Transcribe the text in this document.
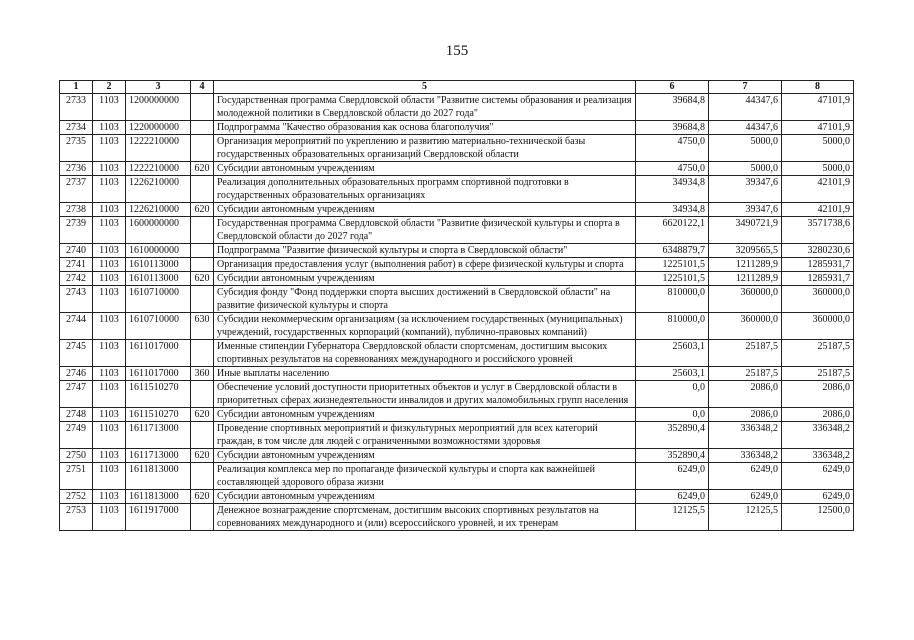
155
1	2	3	4	5	6	7	8
2733	1103	1200000000		Государственная программа Свердловской области "Развитие системы образования и реализация молодежной политики в Свердловской области до 2027 года"	39684,8	44347,6	47101,9
2734	1103	1220000000		Подпрограмма "Качество образования как основа благополучия"	39684,8	44347,6	47101,9
2735	1103	1222210000		Организация мероприятий по укреплению и развитию материально-технической базы государственных образовательных организаций Свердловской области	4750,0	5000,0	5000,0
2736	1103	1222210000	620	Субсидии автономным учреждениям	4750,0	5000,0	5000,0
2737	1103	1226210000		Реализация дополнительных образовательных программ спортивной подготовки в государственных образовательных организациях	34934,8	39347,6	42101,9
2738	1103	1226210000	620	Субсидии автономным учреждениям	34934,8	39347,6	42101,9
2739	1103	1600000000		Государственная программа Свердловской области "Развитие физической культуры и спорта в Свердловской области до 2027 года"	6620122,1	3490721,9	3571738,6
2740	1103	1610000000		Подпрограмма "Развитие физической культуры и спорта в Свердловской области"	6348879,7	3209565,5	3280230,6
2741	1103	1610113000		Организация предоставления услуг (выполнения работ) в сфере физической культуры и спорта	1225101,5	1211289,9	1285931,7
2742	1103	1610113000	620	Субсидии автономным учреждениям	1225101,5	1211289,9	1285931,7
2743	1103	1610710000		Субсидия фонду "Фонд поддержки спорта высших достижений в Свердловской области" на развитие физической культуры и спорта	810000,0	360000,0	360000,0
2744	1103	1610710000	630	Субсидии некоммерческим организациям (за исключением государственных (муниципальных) учреждений, государственных корпораций (компаний), публично-правовых компаний)	810000,0	360000,0	360000,0
2745	1103	1611017000		Именные стипендии Губернатора Свердловской области спортсменам, достигшим высоких спортивных результатов на соревнованиях международного и российского уровней	25603,1	25187,5	25187,5
2746	1103	1611017000	360	Иные выплаты населению	25603,1	25187,5	25187,5
2747	1103	1611510270		Обеспечение условий доступности приоритетных объектов и услуг в Свердловской области в приоритетных сферах жизнедеятельности инвалидов и других маломобильных групп населения	0,0	2086,0	2086,0
2748	1103	1611510270	620	Субсидии автономным учреждениям	0,0	2086,0	2086,0
2749	1103	1611713000		Проведение спортивных мероприятий и физкультурных мероприятий для всех категорий граждан, в том числе для людей с ограниченными возможностями здоровья	352890,4	336348,2	336348,2
2750	1103	1611713000	620	Субсидии автономным учреждениям	352890,4	336348,2	336348,2
2751	1103	1611813000		Реализация комплекса мер по пропаганде физической культуры и спорта как важнейшей составляющей здорового образа жизни	6249,0	6249,0	6249,0
2752	1103	1611813000	620	Субсидии автономным учреждениям	6249,0	6249,0	6249,0
2753	1103	1611917000		Денежное вознаграждение спортсменам, достигшим высоких спортивных результатов на соревнованиях международного и (или) всероссийского уровней, и их тренерам	12125,5	12125,5	12500,0
